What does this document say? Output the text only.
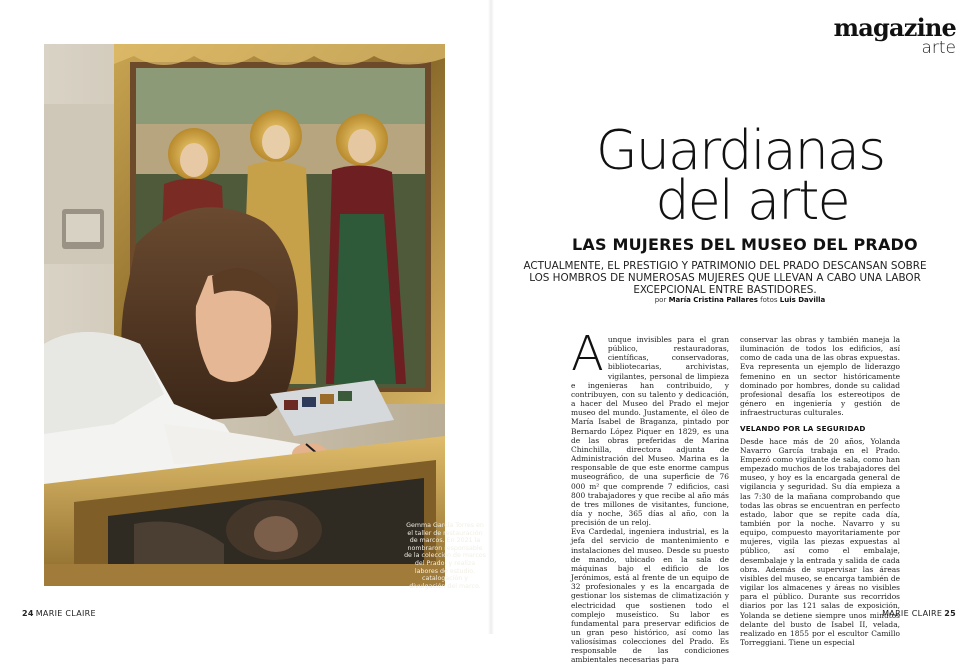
Gemma García Torres en el taller de restauración de marcos. En 2021 la nombraron responsable de la colección de marcos del Prado, y realiza labores de estudio, catalogación y divulgación del marco.
magazine
arte
Guardianas
del arte
LAS MUJERES DEL MUSEO DEL PRADO
ACTUALMENTE, EL PRESTIGIO Y PATRIMONIO DEL PRADO DESCANSAN SOBRE LOS HOMBROS DE NUMEROSAS MUJERES QUE LLEVAN A CABO UNA LABOR EXCEPCIONAL ENTRE BASTIDORES.
por María Cristina Pallares fotos Luis Davilla

Aunque invisibles para el gran público, restauradoras, científicas, conservadoras, bibliotecarias, archivistas, vigilantes, personal de limpieza e ingenieras han contribuido, y contribuyen, con su talento y dedicación, a hacer del Museo del Prado el mejor museo del mundo. Justamente, el óleo de María Isabel de Braganza, pintado por Bernardo López Piquer en 1829, es una de las obras preferidas de Marina Chinchilla, directora adjunta de Administración del Museo. Marina es la responsable de que este enorme campus museográfico, de una superficie de 76 000 m² que comprende 7 edificios, casi 800 trabajadores y que recibe al año más de tres millones de visitantes, funcione, día y noche, 365 días al año, con la precisión de un reloj.

Eva Cardedal, ingeniera industrial, es la jefa del servicio de mantenimiento e instalaciones del museo. Desde su puesto de mando, ubicado en la sala de máquinas bajo el edificio de los Jerónimos, está al frente de un equipo de 32 profesionales y es la encargada de gestionar los sistemas de climatización y electricidad que sostienen todo el complejo museístico. Su labor es fundamental para preservar edificios de un gran peso histórico, así como las valiosísimas colecciones del Prado. Es responsable de las condiciones ambientales necesarias para

conservar las obras y también maneja la iluminación de todos los edificios, así como de cada una de las obras expuestas. Eva representa un ejemplo de liderazgo femenino en un sector históricamente dominado por hombres, donde su calidad profesional desafía los estereotipos de género en ingeniería y gestión de infraestructuras culturales.

VELANDO POR LA SEGURIDAD

Desde hace más de 20 años, Yolanda Navarro García trabaja en el Prado. Empezó como vigilante de sala, como han empezado muchos de los trabajadores del museo, y hoy es la encargada general de vigilancia y seguridad. Su día empieza a las 7:30 de la mañana comprobando que todas las obras se encuentran en perfecto estado, labor que se repite cada día, también por la noche. Navarro y su equipo, compuesto mayoritariamente por mujeres, vigila las piezas expuestas al público, así como el embalaje, desembalaje y la entrada y salida de cada obra. Además de supervisar las áreas visibles del museo, se encarga también de vigilar los almacenes y áreas no visibles para el público. Durante sus recorridos diarios por las 121 salas de exposición, Yolanda se detiene siempre unos minutos delante del busto de Isabel II, velada, realizado en 1855 por el escultor Camillo Torreggiani. Tiene un especial

24 MARIE CLAIRE	MARIE CLAIRE 25
